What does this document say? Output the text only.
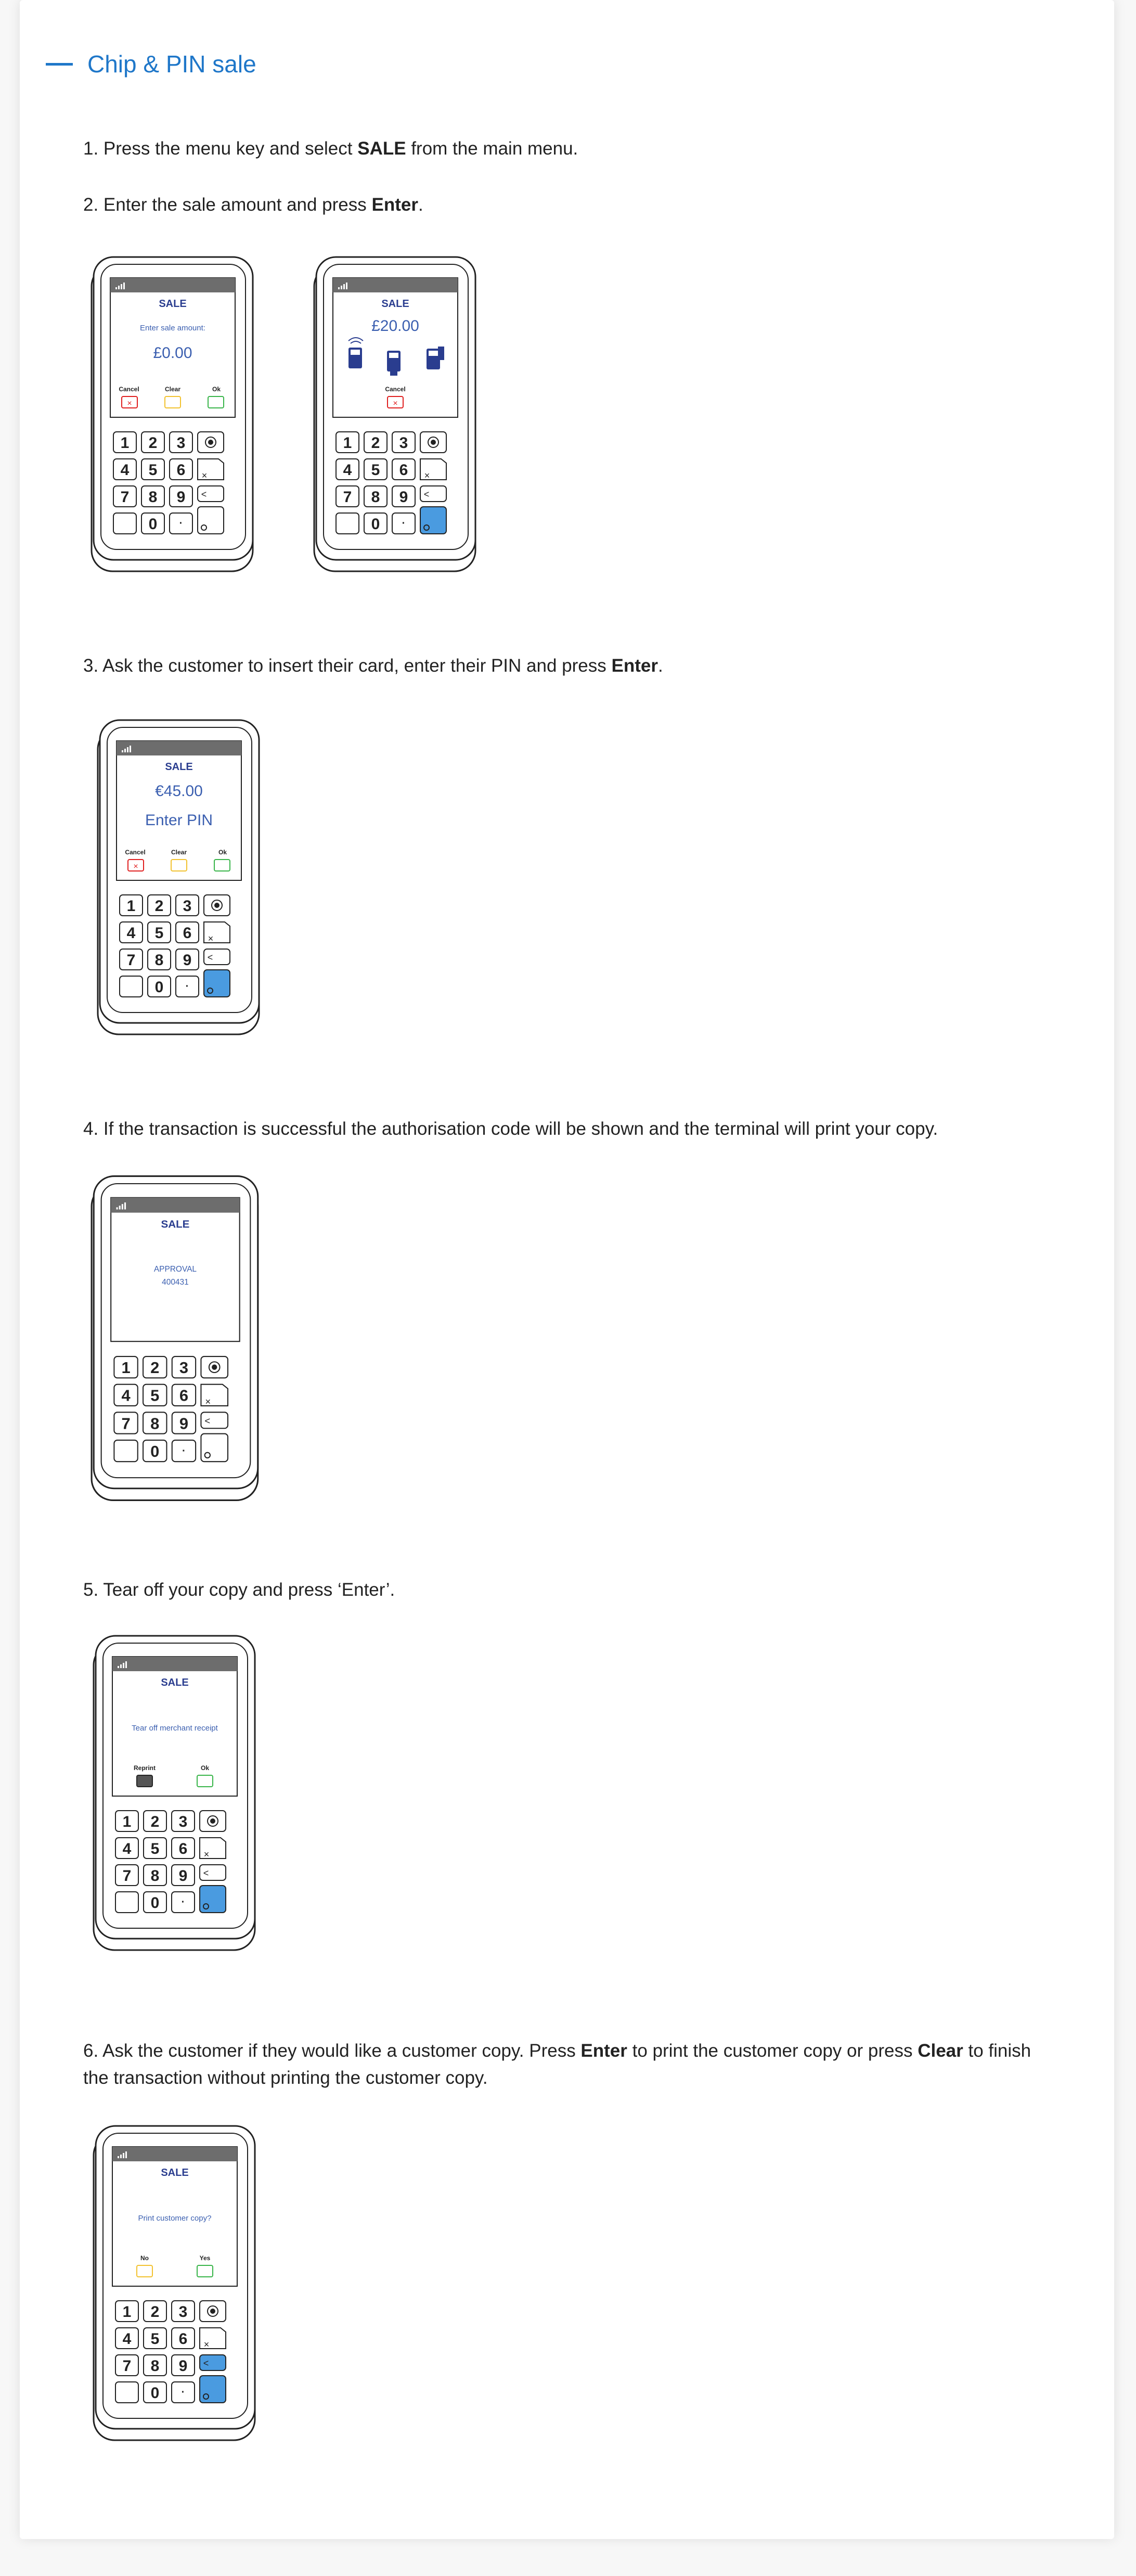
Chip & PIN sale
1. Press the menu key and select SALE from the main menu.
2. Enter the sale amount and press Enter.
SALE
Enter sale amount:
£0.00
Cancel	Clear	Ok
×
1 2 3
4 5 6 ×
7 8 9 <
0 ·
SALE
£20.00
Cancel
×
1 2 3
4 5 6 ×
7 8 9 <
0 ·
3. Ask the customer to insert their card, enter their PIN and press Enter.
SALE
€45.00
Enter PIN
Cancel	Clear	Ok
×
1 2 3
4 5 6 ×
7 8 9 <
0 ·
4. If the transaction is successful the authorisation code will be shown and the terminal will print your copy.
SALE
APPROVAL
400431
1 2 3
4 5 6 ×
7 8 9 <
0 ·
5. Tear off your copy and press ‘Enter’.
SALE
Tear off merchant receipt
Reprint	Ok
1 2 3
4 5 6 ×
7 8 9 <
0 ·
6. Ask the customer if they would like a customer copy. Press Enter to print the customer copy or press Clear to finish the transaction without printing the customer copy.
SALE
Print customer copy?
No	Yes
1 2 3
4 5 6 ×
7 8 9 <
0 ·
